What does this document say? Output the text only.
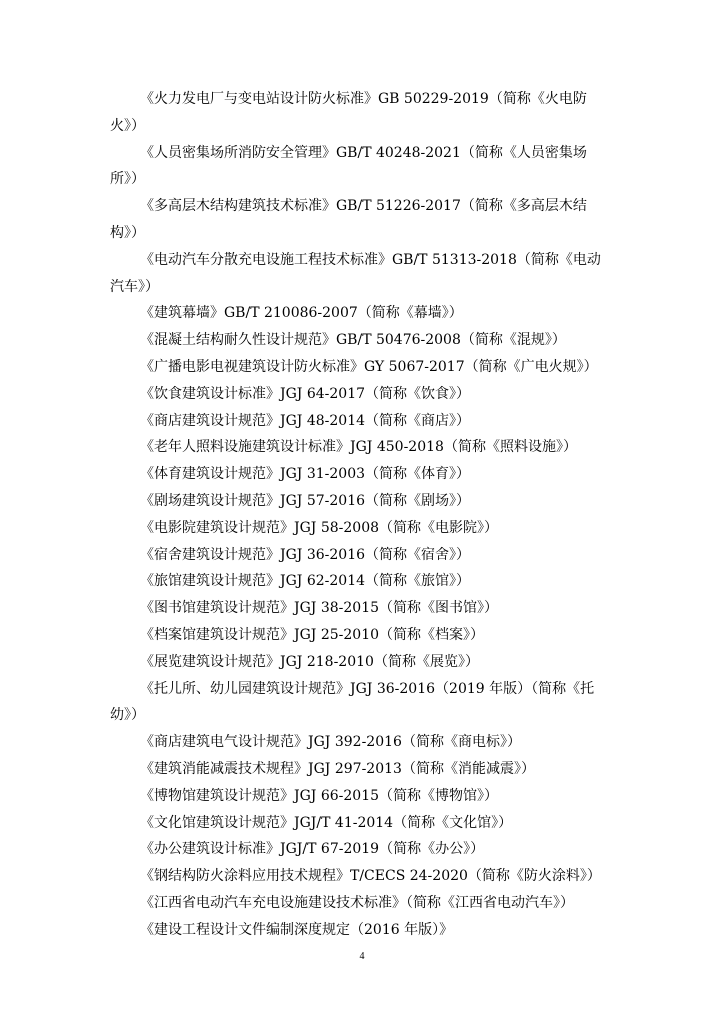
《火力发电厂与变电站设计防火标准》GB 50229-2019（简称《火电防火》）
《人员密集场所消防安全管理》GB/T 40248-2021（简称《人员密集场所》）
《多高层木结构建筑技术标准》GB/T 51226-2017（简称《多高层木结构》）
《电动汽车分散充电设施工程技术标准》GB/T 51313-2018（简称《电动汽车》）
《建筑幕墙》GB/T 210086-2007（简称《幕墙》）
《混凝土结构耐久性设计规范》GB/T 50476-2008（简称《混规》）
《广播电影电视建筑设计防火标准》GY 5067-2017（简称《广电火规》）
《饮食建筑设计标准》JGJ 64-2017（简称《饮食》）
《商店建筑设计规范》JGJ 48-2014（简称《商店》）
《老年人照料设施建筑设计标准》JGJ 450-2018（简称《照料设施》）
《体育建筑设计规范》JGJ 31-2003（简称《体育》）
《剧场建筑设计规范》JGJ 57-2016（简称《剧场》）
《电影院建筑设计规范》JGJ 58-2008（简称《电影院》）
《宿舍建筑设计规范》JGJ 36-2016（简称《宿舍》）
《旅馆建筑设计规范》JGJ 62-2014（简称《旅馆》）
《图书馆建筑设计规范》JGJ 38-2015（简称《图书馆》）
《档案馆建筑设计规范》JGJ 25-2010（简称《档案》）
《展览建筑设计规范》JGJ 218-2010（简称《展览》）
《托儿所、幼儿园建筑设计规范》JGJ 36-2016（2019 年版）（简称《托幼》）
《商店建筑电气设计规范》JGJ 392-2016（简称《商电标》）
《建筑消能减震技术规程》JGJ 297-2013（简称《消能减震》）
《博物馆建筑设计规范》JGJ 66-2015（简称《博物馆》）
《文化馆建筑设计规范》JGJ/T 41-2014（简称《文化馆》）
《办公建筑设计标准》JGJ/T 67-2019（简称《办公》）
《钢结构防火涂料应用技术规程》T/CECS 24-2020（简称《防火涂料》）
《江西省电动汽车充电设施建设技术标准》（简称《江西省电动汽车》）
《建设工程设计文件编制深度规定（2016 年版）》
4
